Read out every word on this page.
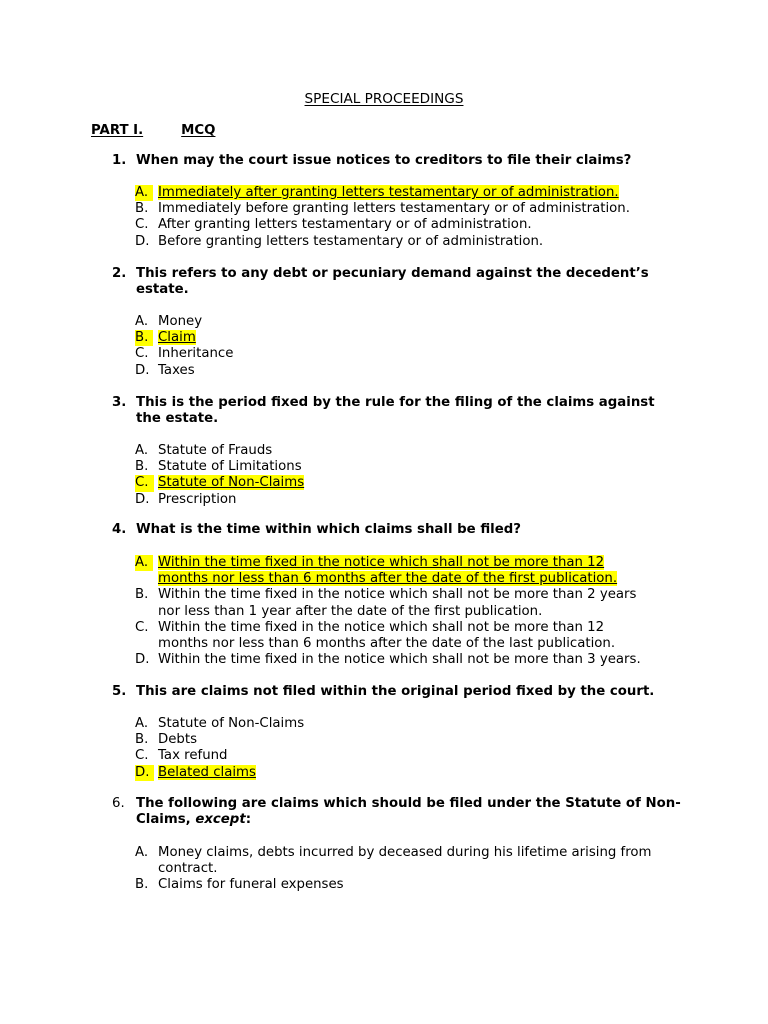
SPECIAL PROCEEDINGS
PART I.	MCQ
1. When may the court issue notices to creditors to file their claims?
A. Immediately after granting letters testamentary or of administration.
B. Immediately before granting letters testamentary or of administration.
C. After granting letters testamentary or of administration.
D. Before granting letters testamentary or of administration.
2. This refers to any debt or pecuniary demand against the decedent’s estate.
A. Money
B. Claim
C. Inheritance
D. Taxes
3. This is the period fixed by the rule for the filing of the claims against the estate.
A. Statute of Frauds
B. Statute of Limitations
C. Statute of Non-Claims
D. Prescription
4. What is the time within which claims shall be filed?
A. Within the time fixed in the notice which shall not be more than 12 months nor less than 6 months after the date of the first publication.
B. Within the time fixed in the notice which shall not be more than 2 years nor less than 1 year after the date of the first publication.
C. Within the time fixed in the notice which shall not be more than 12 months nor less than 6 months after the date of the last publication.
D. Within the time fixed in the notice which shall not be more than 3 years.
5. This are claims not filed within the original period fixed by the court.
A. Statute of Non-Claims
B. Debts
C. Tax refund
D. Belated claims
6. The following are claims which should be filed under the Statute of Non-Claims, except:
A. Money claims, debts incurred by deceased during his lifetime arising from contract.
B. Claims for funeral expenses
